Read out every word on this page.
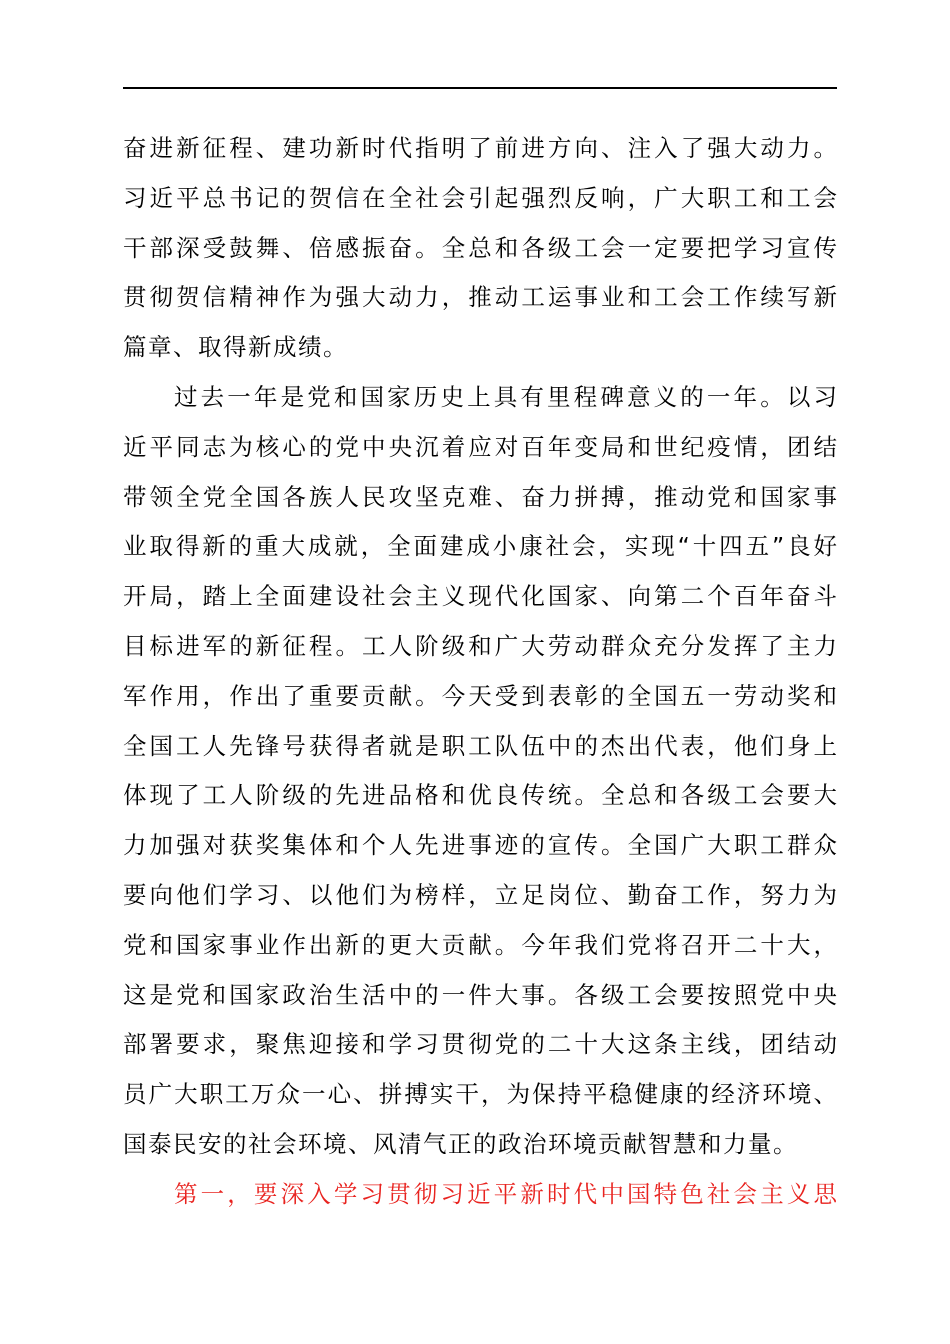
奋进新征程、建功新时代指明了前进方向、注入了强大动力。
习近平总书记的贺信在全社会引起强烈反响，广大职工和工会
干部深受鼓舞、倍感振奋。全总和各级工会一定要把学习宣传
贯彻贺信精神作为强大动力，推动工运事业和工会工作续写新
篇章、取得新成绩。
过去一年是党和国家历史上具有里程碑意义的一年。以习
近平同志为核心的党中央沉着应对百年变局和世纪疫情，团结
带领全党全国各族人民攻坚克难、奋力拼搏，推动党和国家事
业取得新的重大成就，全面建成小康社会，实现“十四五”良好
开局，踏上全面建设社会主义现代化国家、向第二个百年奋斗
目标进军的新征程。工人阶级和广大劳动群众充分发挥了主力
军作用，作出了重要贡献。今天受到表彰的全国五一劳动奖和
全国工人先锋号获得者就是职工队伍中的杰出代表，他们身上
体现了工人阶级的先进品格和优良传统。全总和各级工会要大
力加强对获奖集体和个人先进事迹的宣传。全国广大职工群众
要向他们学习、以他们为榜样，立足岗位、勤奋工作，努力为
党和国家事业作出新的更大贡献。今年我们党将召开二十大，
这是党和国家政治生活中的一件大事。各级工会要按照党中央
部署要求，聚焦迎接和学习贯彻党的二十大这条主线，团结动
员广大职工万众一心、拼搏实干，为保持平稳健康的经济环境、
国泰民安的社会环境、风清气正的政治环境贡献智慧和力量。
第一，要深入学习贯彻习近平新时代中国特色社会主义思
